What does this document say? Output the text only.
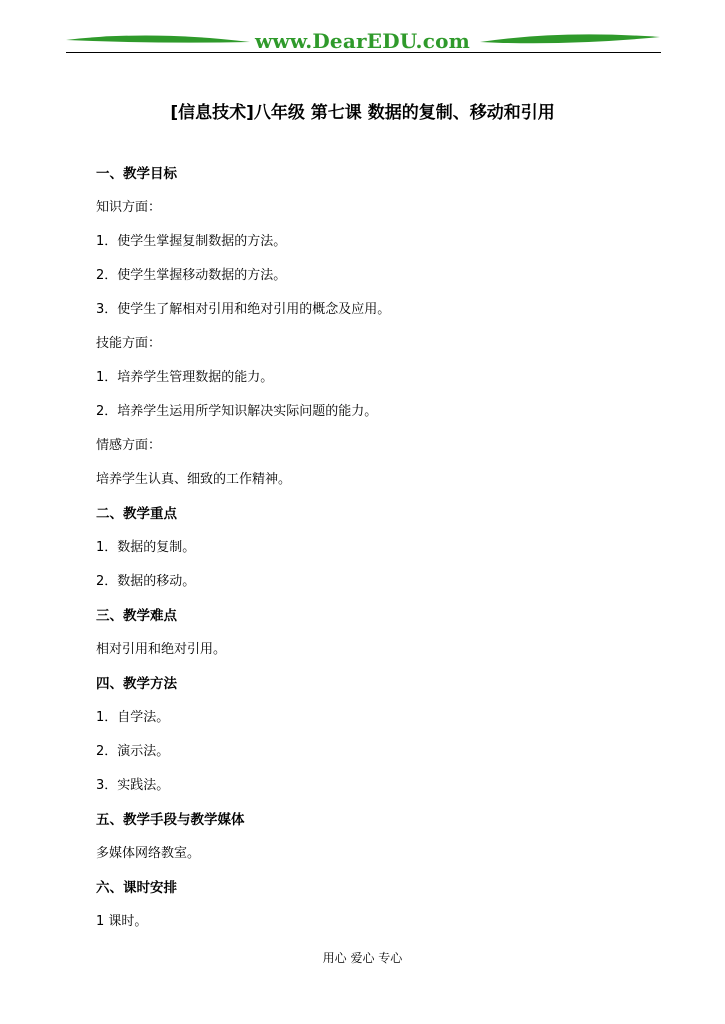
www.DearEDU.com
[信息技术]八年级 第七课 数据的复制、移动和引用
一、教学目标
知识方面：
1．使学生掌握复制数据的方法。
2．使学生掌握移动数据的方法。
3．使学生了解相对引用和绝对引用的概念及应用。
技能方面：
1．培养学生管理数据的能力。
2．培养学生运用所学知识解决实际问题的能力。
情感方面：
培养学生认真、细致的工作精神。
二、教学重点
1．数据的复制。
2．数据的移动。
三、教学难点
相对引用和绝对引用。
四、教学方法
1．自学法。
2．演示法。
3．实践法。
五、教学手段与教学媒体
多媒体网络教室。
六、课时安排
1 课时。
用心 爱心 专心
